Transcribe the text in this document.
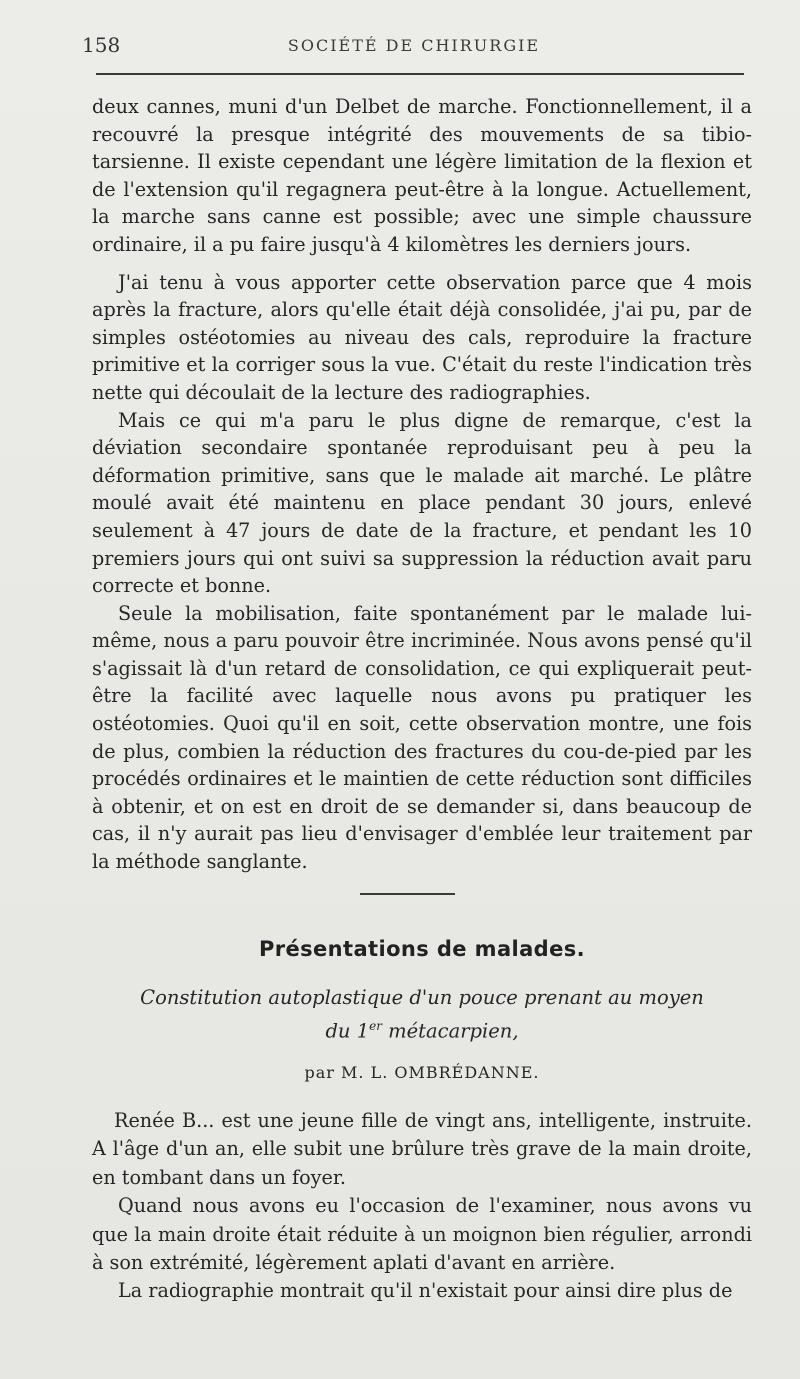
158	SOCIÉTÉ DE CHIRURGIE

deux cannes, muni d'un Delbet de marche. Fonctionnellement, il a recouvré la presque intégrité des mouvements de sa tibio-tarsienne. Il existe cependant une légère limitation de la flexion et de l'extension qu'il regagnera peut-être à la longue. Actuellement, la marche sans canne est possible; avec une simple chaussure ordinaire, il a pu faire jusqu'à 4 kilomètres les derniers jours.

J'ai tenu à vous apporter cette observation parce que 4 mois après la fracture, alors qu'elle était déjà consolidée, j'ai pu, par de simples ostéotomies au niveau des cals, reproduire la fracture primitive et la corriger sous la vue. C'était du reste l'indication très nette qui découlait de la lecture des radiographies.

Mais ce qui m'a paru le plus digne de remarque, c'est la déviation secondaire spontanée reproduisant peu à peu la déformation primitive, sans que le malade ait marché. Le plâtre moulé avait été maintenu en place pendant 30 jours, enlevé seulement à 47 jours de date de la fracture, et pendant les 10 premiers jours qui ont suivi sa suppression la réduction avait paru correcte et bonne.

Seule la mobilisation, faite spontanément par le malade lui-même, nous a paru pouvoir être incriminée. Nous avons pensé qu'il s'agissait là d'un retard de consolidation, ce qui expliquerait peut-être la facilité avec laquelle nous avons pu pratiquer les ostéotomies. Quoi qu'il en soit, cette observation montre, une fois de plus, combien la réduction des fractures du cou-de-pied par les procédés ordinaires et le maintien de cette réduction sont difficiles à obtenir, et on est en droit de se demander si, dans beaucoup de cas, il n'y aurait pas lieu d'envisager d'emblée leur traitement par la méthode sanglante.

Présentations de malades.
Constitution autoplastique d'un pouce prenant au moyen
du 1er métacarpien,
par M. L. OMBRÉDANNE.

Renée B... est une jeune fille de vingt ans, intelligente, instruite. A l'âge d'un an, elle subit une brûlure très grave de la main droite, en tombant dans un foyer.

Quand nous avons eu l'occasion de l'examiner, nous avons vu que la main droite était réduite à un moignon bien régulier, arrondi à son extrémité, légèrement aplati d'avant en arrière.

La radiographie montrait qu'il n'existait pour ainsi dire plus de
